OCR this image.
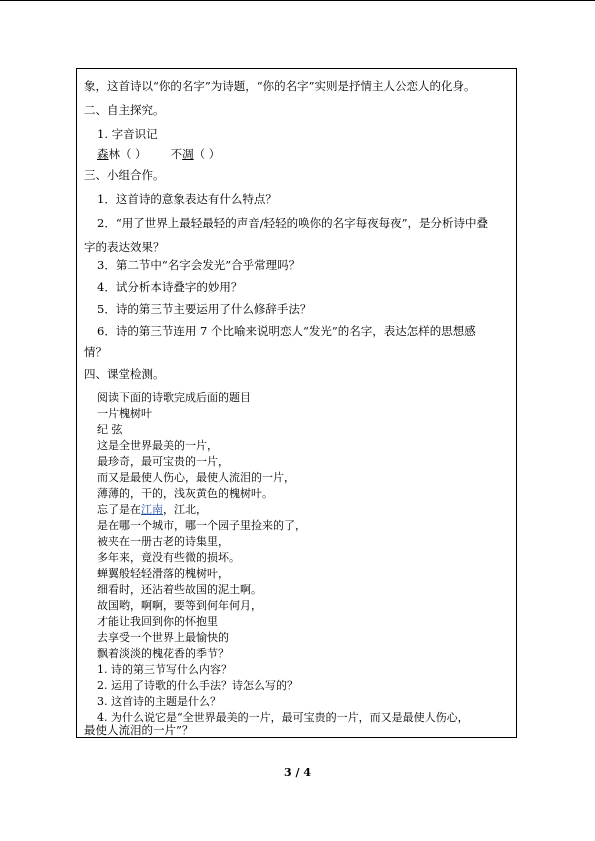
象，这首诗以“你的名字”为诗题，“你的名字”实则是抒情主人公恋人的化身。
二、自主探究。
1. 字音识记
森林（ ） 不凋（ ）
三、小组合作。
1．这首诗的意象表达有什么特点？
2．“用了世界上最轻最轻的声音/轻轻的唤你的名字每夜每夜”，是分析诗中叠
字的表达效果？
3．第二节中“名字会发光”合乎常理吗？
4．试分析本诗叠字的妙用？
5．诗的第三节主要运用了什么修辞手法？
6．诗的第三节连用 7 个比喻来说明恋人“发光”的名字，表达怎样的思想感
情？
四、课堂检测。
阅读下面的诗歌完成后面的题目
一片槐树叶
纪 弦
这是全世界最美的一片，
最珍奇，最可宝贵的一片，
而又是最使人伤心，最使人流泪的一片，
薄薄的，干的，浅灰黄色的槐树叶。
忘了是在江南，江北，
是在哪一个城市，哪一个园子里捡来的了，
被夹在一册古老的诗集里，
多年来，竟没有些微的损坏。
蝉翼般轻轻滑落的槐树叶，
细看时，还沾着些故国的泥土啊。
故国哟，啊啊，要等到何年何月，
才能让我回到你的怀抱里
去享受一个世界上最愉快的
飘着淡淡的槐花香的季节？
1. 诗的第三节写什么内容？
2. 运用了诗歌的什么手法？诗怎么写的？
3. 这首诗的主题是什么？
4. 为什么说它是“全世界最美的一片，最可宝贵的一片，而又是最使人伤心，
最使人流泪的一片”？
3 / 4
